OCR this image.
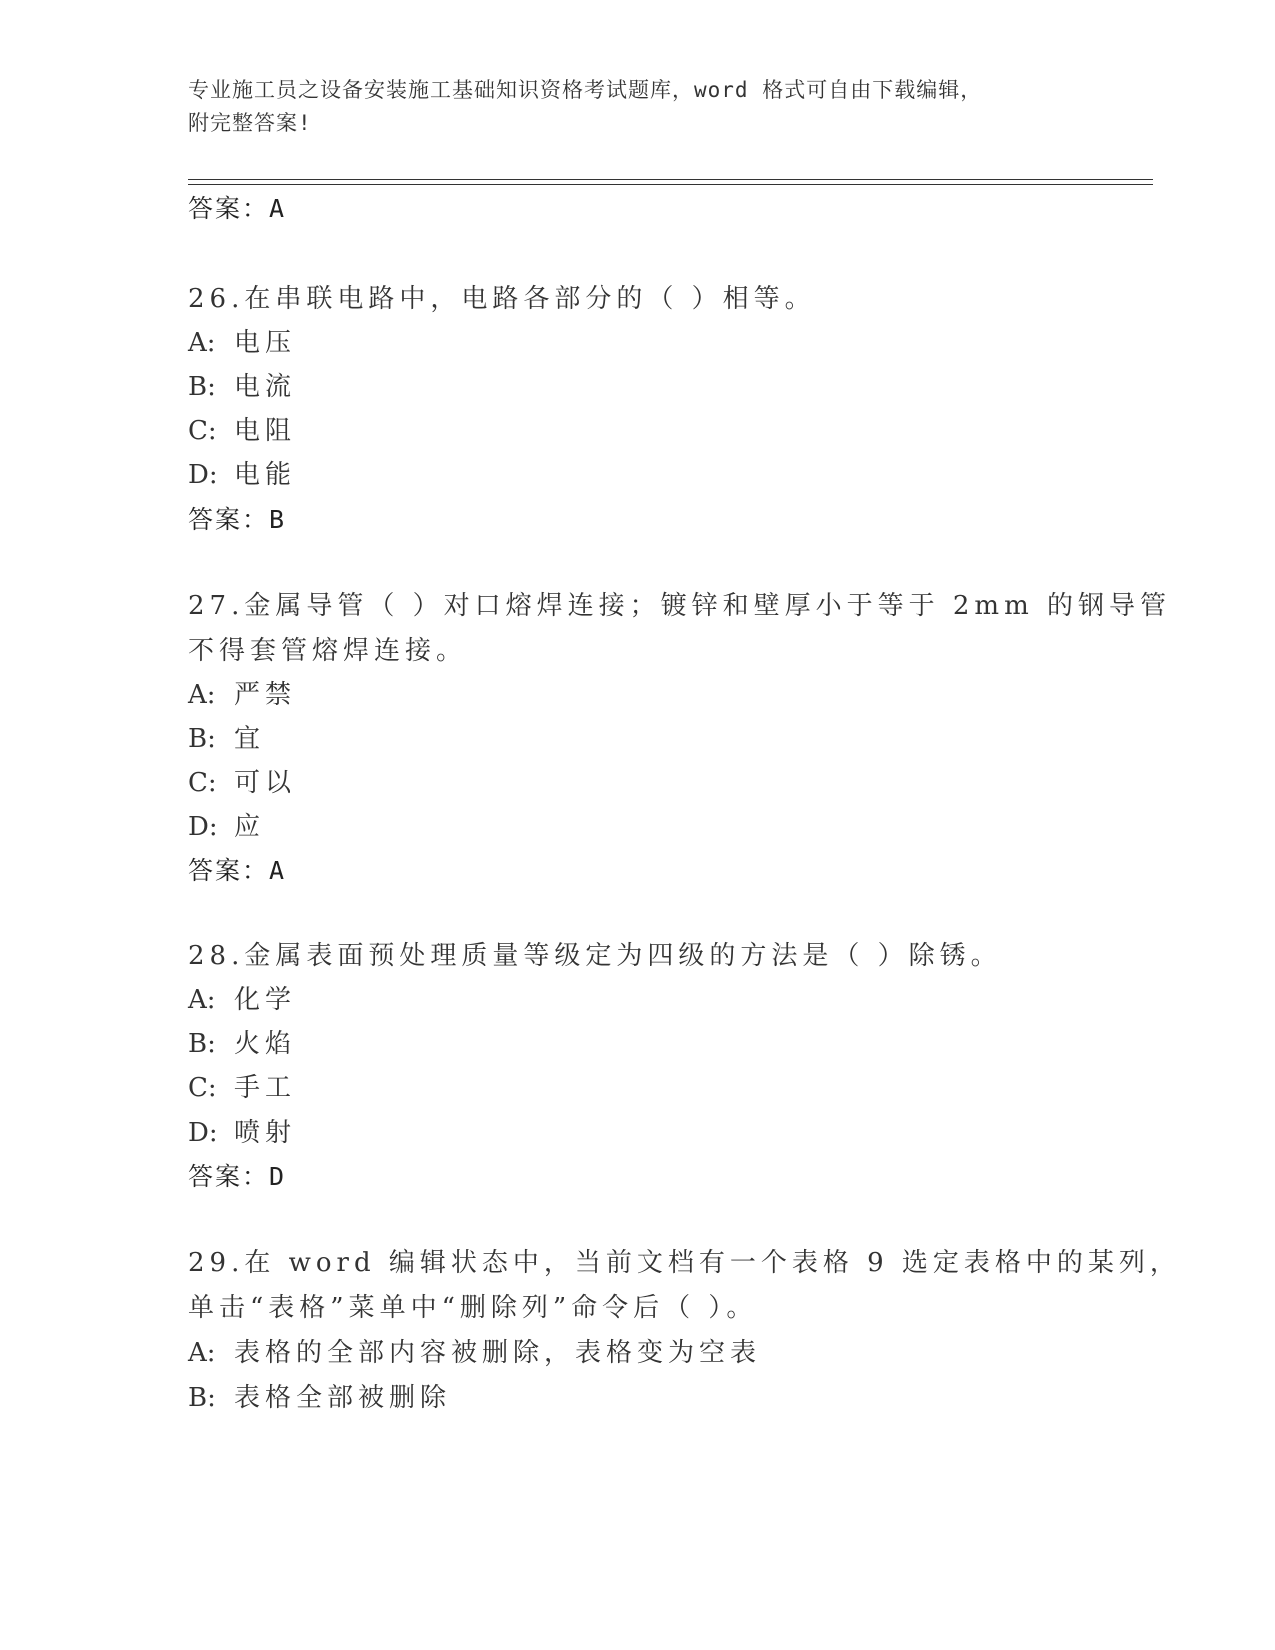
专业施工员之设备安装施工基础知识资格考试题库，word 格式可自由下载编辑，
附完整答案!
答案：A
26.在串联电路中，电路各部分的（ ）相等。
A: 电压
B: 电流
C: 电阻
D: 电能
答案：B
27.金属导管（ ）对口熔焊连接；镀锌和壁厚小于等于 2mm 的钢导管
不得套管熔焊连接。
A: 严禁
B: 宜
C: 可以
D: 应
答案：A
28.金属表面预处理质量等级定为四级的方法是（ ）除锈。
A: 化学
B: 火焰
C: 手工
D: 喷射
答案：D
29.在 word 编辑状态中，当前文档有一个表格 9 选定表格中的某列，
单击“表格”菜单中“删除列”命令后（ ）。
A: 表格的全部内容被删除，表格变为空表
B: 表格全部被删除
